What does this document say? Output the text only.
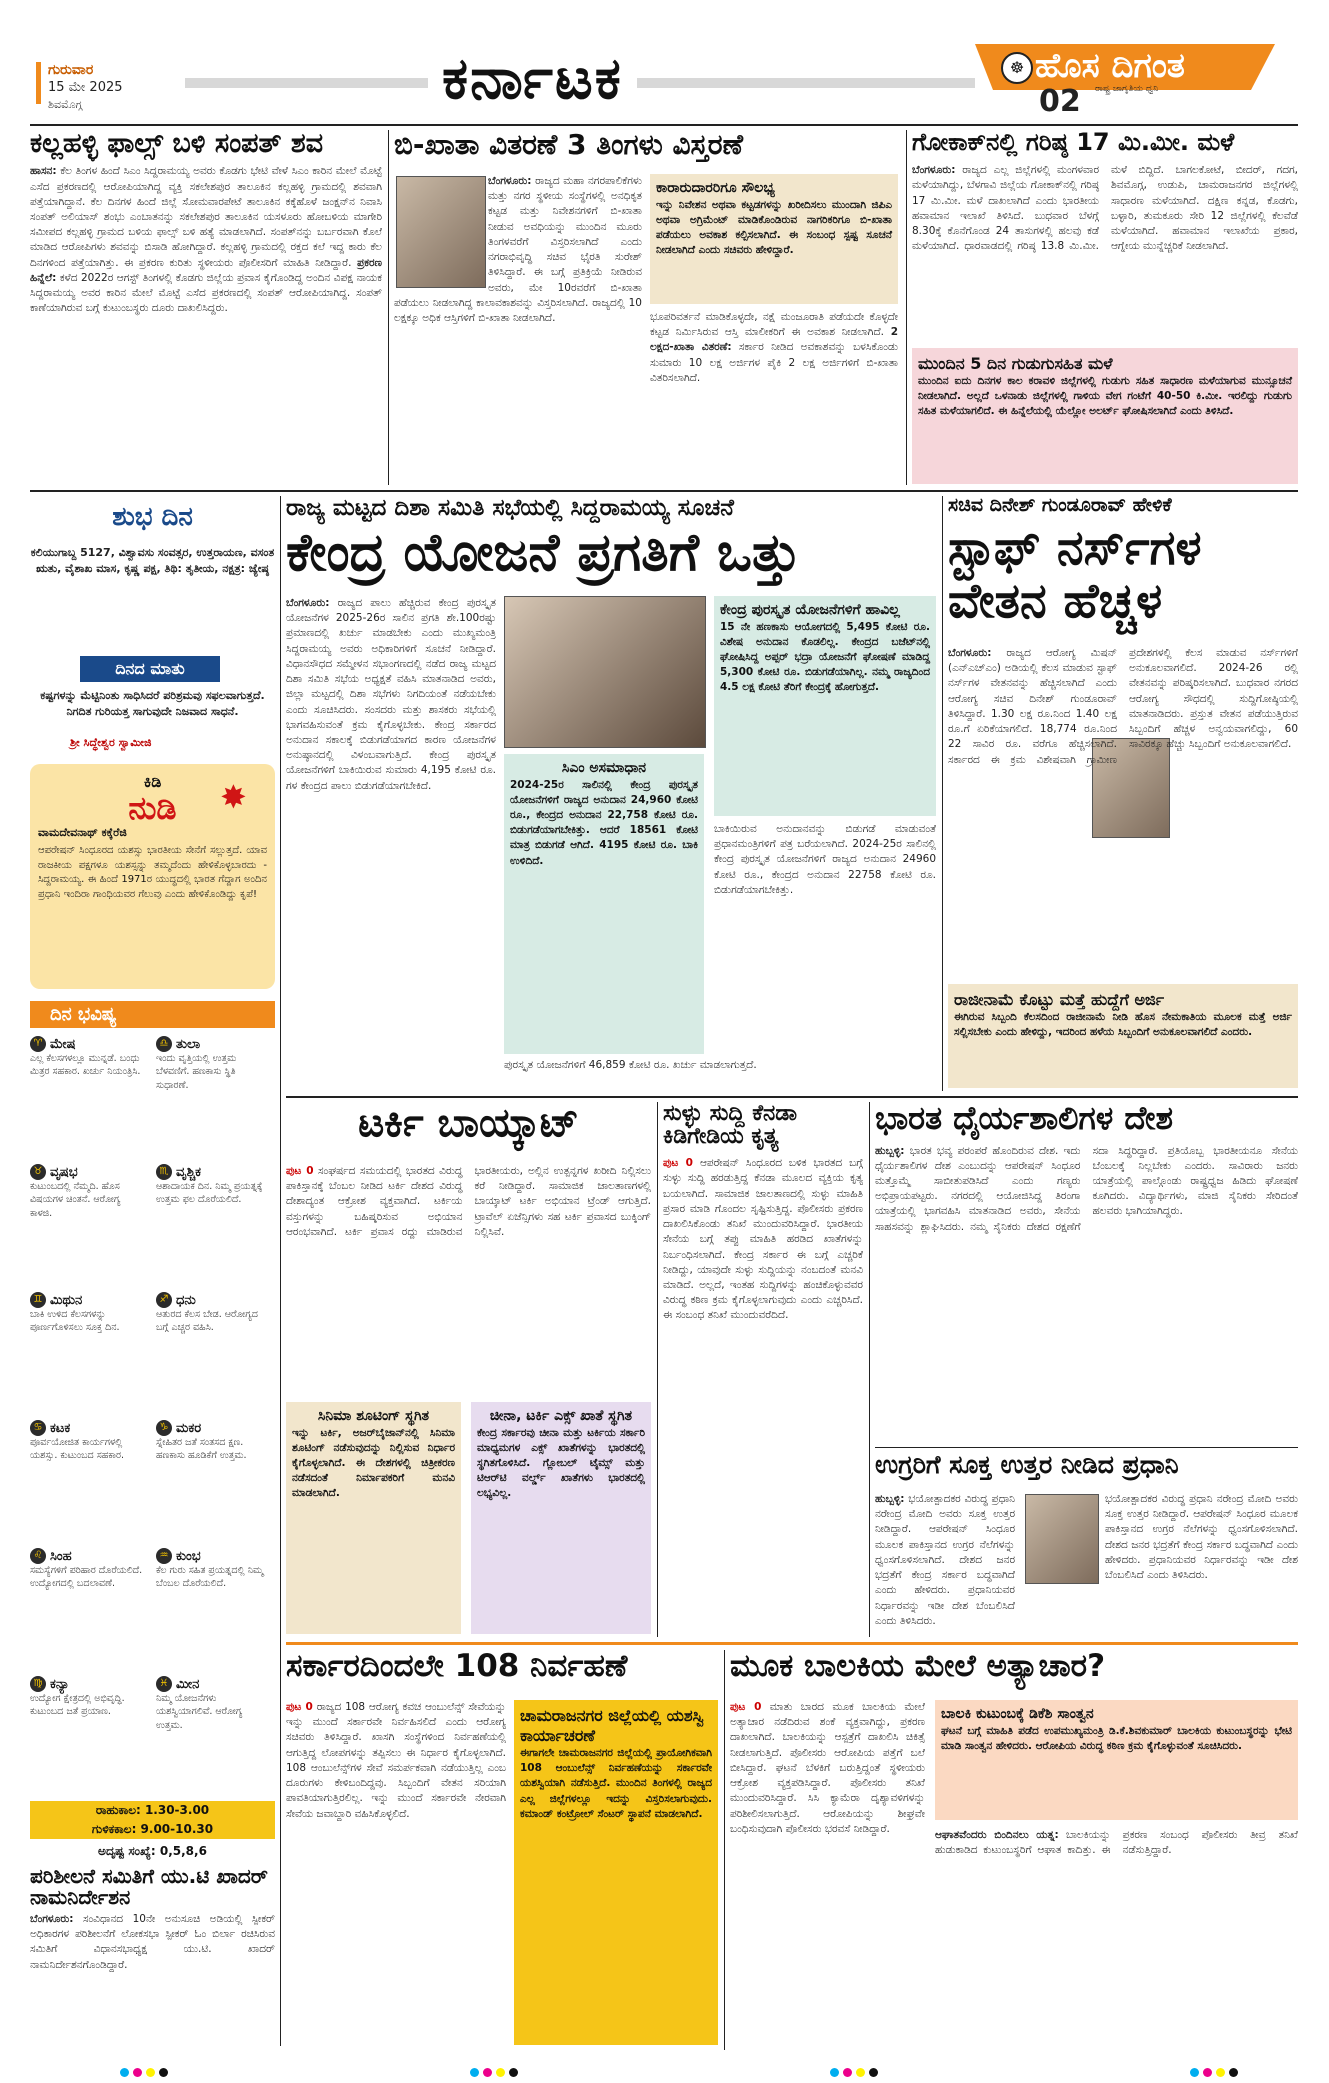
ಗುರುವಾರ
15 ಮೇ 2025
ಶಿವಮೊಗ್ಗ	ಕರ್ನಾಟಕ	☸ ಹೊಸ ದಿಗಂತ
ರಾಷ್ಟ್ರ ಜಾಗೃತಿಯ ಧ್ವನಿ
02
ಕಲ್ಲಹಳ್ಳಿ ಫಾಲ್ಸ್ ಬಳಿ ಸಂಪತ್ ಶವ
ಹಾಸನ: ಕೆಲ ತಿಂಗಳ ಹಿಂದೆ ಸಿಎಂ ಸಿದ್ದರಾಮಯ್ಯ ಅವರು ಕೊಡಗು ಭೇಟಿ ವೇಳೆ ಸಿಎಂ ಕಾರಿನ ಮೇಲೆ ಮೊಟ್ಟೆ ಎಸೆದ ಪ್ರಕರಣದಲ್ಲಿ ಆರೋಪಿಯಾಗಿದ್ದ ವ್ಯಕ್ತಿ ಸಕಲೇಶಪುರ ತಾಲೂಕಿನ ಕಲ್ಲಹಳ್ಳಿ ಗ್ರಾಮದಲ್ಲಿ ಶವವಾಗಿ ಪತ್ತೆಯಾಗಿದ್ದಾನೆ. ಕೆಲ ದಿನಗಳ ಹಿಂದೆ ಜಿಲ್ಲೆ ಸೋಮವಾರಪೇಟೆ ತಾಲೂಕಿನ ಕಕ್ಕೆಹೊಳೆ ಜಂಕ್ಷನ್‌ನ ನಿವಾಸಿ ಸಂಪತ್ ಅಲಿಯಾಸ್ ಶಂಭು ಎಂಬಾತನನ್ನು ಸಕಲೇಶಪುರ ತಾಲೂಕಿನ ಯಸಳೂರು ಹೋಬಳಿಯ ಮಾಗೇರಿ ಸಮೀಪದ ಕಲ್ಲಹಳ್ಳಿ ಗ್ರಾಮದ ಬಳಿಯ ಫಾಲ್ಸ್ ಬಳಿ ಹತ್ಯೆ ಮಾಡಲಾಗಿದೆ. ಸಂಪತ್‌ನನ್ನು ಬರ್ಬರವಾಗಿ ಕೊಲೆ ಮಾಡಿದ ಆರೋಪಿಗಳು ಶವವನ್ನು ಬಿಸಾಡಿ ಹೋಗಿದ್ದಾರೆ. ಕಲ್ಲಹಳ್ಳಿ ಗ್ರಾಮದಲ್ಲಿ ರಕ್ತದ ಕಲೆ ಇದ್ದ ಕಾರು ಕೆಲ ದಿನಗಳಿಂದ ಪತ್ತೆಯಾಗಿತ್ತು. ಈ ಪ್ರಕರಣ ಕುರಿತು ಸ್ಥಳೀಯರು ಪೊಲೀಸರಿಗೆ ಮಾಹಿತಿ ನೀಡಿದ್ದಾರೆ. ಪ್ರಕರಣ ಹಿನ್ನೆಲೆ: ಕಳೆದ 2022ರ ಆಗಸ್ಟ್ ತಿಂಗಳಲ್ಲಿ ಕೊಡಗು ಜಿಲ್ಲೆಯ ಪ್ರವಾಸ ಕೈಗೊಂಡಿದ್ದ ಅಂದಿನ ವಿಪಕ್ಷ ನಾಯಕ ಸಿದ್ದರಾಮಯ್ಯ ಅವರ ಕಾರಿನ ಮೇಲೆ ಮೊಟ್ಟೆ ಎಸೆದ ಪ್ರಕರಣದಲ್ಲಿ ಸಂಪತ್ ಆರೋಪಿಯಾಗಿದ್ದ. ಸಂಪತ್ ಕಾಣೆಯಾಗಿರುವ ಬಗ್ಗೆ ಕುಟುಂಬಸ್ಥರು ದೂರು ದಾಖಲಿಸಿದ್ದರು.
ಬಿ-ಖಾತಾ ವಿತರಣೆ 3 ತಿಂಗಳು ವಿಸ್ತರಣೆ
ಬೆಂಗಳೂರು: ರಾಜ್ಯದ ಮಹಾ ನಗರಪಾಲಿಕೆಗಳು ಮತ್ತು ನಗರ ಸ್ಥಳೀಯ ಸಂಸ್ಥೆಗಳಲ್ಲಿ ಅನಧಿಕೃತ ಕಟ್ಟಡ ಮತ್ತು ನಿವೇಶನಗಳಿಗೆ ಬಿ-ಖಾತಾ ನೀಡುವ ಅವಧಿಯನ್ನು ಮುಂದಿನ ಮೂರು ತಿಂಗಳವರೆಗೆ ವಿಸ್ತರಿಸಲಾಗಿದೆ ಎಂದು ನಗರಾಭಿವೃದ್ಧಿ ಸಚಿವ ಭೈರತಿ ಸುರೇಶ್ ತಿಳಿಸಿದ್ದಾರೆ. ಈ ಬಗ್ಗೆ ಪ್ರತಿಕ್ರಿಯೆ ನೀಡಿರುವ ಅವರು, ಮೇ 10ರವರೆಗೆ ಬಿ-ಖಾತಾ ಪಡೆಯಲು ನೀಡಲಾಗಿದ್ದ ಕಾಲಾವಕಾಶವನ್ನು ವಿಸ್ತರಿಸಲಾಗಿದೆ. ರಾಜ್ಯದಲ್ಲಿ 10 ಲಕ್ಷಕ್ಕೂ ಅಧಿಕ ಆಸ್ತಿಗಳಿಗೆ ಬಿ-ಖಾತಾ ನೀಡಲಾಗಿದೆ.
ಕಾರಾರುದಾರರಿಗೂ ಸೌಲಭ್ಯ
ಇನ್ನು ನಿವೇಶನ ಅಥವಾ ಕಟ್ಟಡಗಳನ್ನು ಖರೀದಿಸಲು ಮುಂದಾಗಿ ಜಿಪಿಎ ಅಥವಾ ಅಗ್ರಿಮೆಂಟ್ ಮಾಡಿಕೊಂಡಿರುವ ನಾಗರಿಕರಿಗೂ ಬಿ-ಖಾತಾ ಪಡೆಯಲು ಅವಕಾಶ ಕಲ್ಪಿಸಲಾಗಿದೆ. ಈ ಸಂಬಂಧ ಸ್ಪಷ್ಟ ಸೂಚನೆ ನೀಡಲಾಗಿದೆ ಎಂದು ಸಚಿವರು ಹೇಳಿದ್ದಾರೆ.
ಭೂಪರಿವರ್ತನೆ ಮಾಡಿಕೊಳ್ಳದೇ, ನಕ್ಷೆ ಮಂಜೂರಾತಿ ಪಡೆಯದೇ ಕೊಳ್ಳದೇ ಕಟ್ಟಡ ನಿರ್ಮಿಸಿರುವ ಆಸ್ತಿ ಮಾಲೀಕರಿಗೆ ಈ ಅವಕಾಶ ನೀಡಲಾಗಿದೆ. 2 ಲಕ್ಷದ-ಖಾತಾ ವಿತರಣೆ: ಸರ್ಕಾರ ನೀಡಿದ ಅವಕಾಶವನ್ನು ಬಳಸಿಕೊಂಡು ಸುಮಾರು 10 ಲಕ್ಷ ಅರ್ಜಿಗಳ ಪೈಕಿ 2 ಲಕ್ಷ ಅರ್ಜಿಗಳಿಗೆ ಬಿ-ಖಾತಾ ವಿತರಿಸಲಾಗಿದೆ.
ಗೋಕಾಕ್‌ನಲ್ಲಿ ಗರಿಷ್ಠ 17 ಮಿ.ಮೀ. ಮಳೆ
ಬೆಂಗಳೂರು: ರಾಜ್ಯದ ಎಲ್ಲ ಜಿಲ್ಲೆಗಳಲ್ಲಿ ಮಂಗಳವಾರ ಮಳೆಯಾಗಿದ್ದು, ಬೆಳಗಾವಿ ಜಿಲ್ಲೆಯ ಗೋಕಾಕ್‌ನಲ್ಲಿ ಗರಿಷ್ಠ 17 ಮಿ.ಮೀ. ಮಳೆ ದಾಖಲಾಗಿದೆ ಎಂದು ಭಾರತೀಯ ಹವಾಮಾನ ಇಲಾಖೆ ತಿಳಿಸಿದೆ. ಬುಧವಾರ ಬೆಳಗ್ಗೆ 8.30ಕ್ಕೆ ಕೊನೆಗೊಂಡ 24 ತಾಸುಗಳಲ್ಲಿ ಹಲವು ಕಡೆ ಮಳೆಯಾಗಿದೆ. ಧಾರವಾಡದಲ್ಲಿ ಗರಿಷ್ಠ 13.8 ಮಿ.ಮೀ. ಮಳೆ ಬಿದ್ದಿದೆ. ಬಾಗಲಕೋಟೆ, ಬೀದರ್, ಗದಗ, ಶಿವಮೊಗ್ಗ, ಉಡುಪಿ, ಚಾಮರಾಜನಗರ ಜಿಲ್ಲೆಗಳಲ್ಲಿ ಸಾಧಾರಣ ಮಳೆಯಾಗಿದೆ. ದಕ್ಷಿಣ ಕನ್ನಡ, ಕೊಡಗು, ಬಳ್ಳಾರಿ, ತುಮಕೂರು ಸೇರಿ 12 ಜಿಲ್ಲೆಗಳಲ್ಲಿ ಕೆಲವೆಡೆ ಮಳೆಯಾಗಿದೆ. ಹವಾಮಾನ ಇಲಾಖೆಯ ಪ್ರಕಾರ, ಆಗ್ನೇಯ ಮುನ್ನೆಚ್ಚರಿಕೆ ನೀಡಲಾಗಿದೆ.
ಮುಂದಿನ 5 ದಿನ ಗುಡುಗುಸಹಿತ ಮಳೆ
ಮುಂದಿನ ಐದು ದಿನಗಳ ಕಾಲ ಕರಾವಳಿ ಜಿಲ್ಲೆಗಳಲ್ಲಿ ಗುಡುಗು ಸಹಿತ ಸಾಧಾರಣ ಮಳೆಯಾಗುವ ಮುನ್ಸೂಚನೆ ನೀಡಲಾಗಿದೆ. ಅಲ್ಲದೆ ಒಳನಾಡು ಜಿಲ್ಲೆಗಳಲ್ಲಿ ಗಾಳಿಯ ವೇಗ ಗಂಟೆಗೆ 40-50 ಕಿ.ಮೀ. ಇರಲಿದ್ದು ಗುಡುಗು ಸಹಿತ ಮಳೆಯಾಗಲಿದೆ. ಈ ಹಿನ್ನೆಲೆಯಲ್ಲಿ ಯೆಲ್ಲೋ ಅಲರ್ಟ್ ಘೋಷಿಸಲಾಗಿದೆ ಎಂದು ತಿಳಿಸಿದೆ.
ಶುಭ ದಿನ
ಕಲಿಯುಗಾಬ್ದ 5127, ವಿಶ್ವಾವಸು ಸಂವತ್ಸರ, ಉತ್ತರಾಯಣ, ವಸಂತ ಋತು, ವೈಶಾಖ ಮಾಸ, ಕೃಷ್ಣ ಪಕ್ಷ, ತಿಥಿ: ತೃತೀಯ, ನಕ್ಷತ್ರ: ಜ್ಯೇಷ್ಠ
ದಿನದ ಮಾತು
ಕಷ್ಟಗಳನ್ನು ಮೆಟ್ಟಿನಿಂತು ಸಾಧಿಸಿದರೆ ಪರಿಶ್ರಮವು ಸಫಲವಾಗುತ್ತದೆ. ನಿಗದಿತ ಗುರಿಯತ್ತ ಸಾಗುವುದೇ ನಿಜವಾದ ಸಾಧನೆ.
ಶ್ರೀ ಸಿದ್ಧೇಶ್ವರ ಸ್ವಾಮೀಜಿ
ಕಿಡಿ
ನುಡಿ	✸
ವಾಮದೇವನಾಥ್ ಕಕ್ಕೆರೆಜಿ
ಆಪರೇಷನ್ ಸಿಂಧೂರದ ಯಶಸ್ಸು ಭಾರತೀಯ ಸೇನೆಗೆ ಸಲ್ಲುತ್ತದೆ. ಯಾವ ರಾಜಕೀಯ ಪಕ್ಷಗಳೂ ಯಶಸ್ಸನ್ನು ತಮ್ಮದೆಂದು ಹೇಳಿಕೊಳ್ಳಬಾರದು - ಸಿದ್ದರಾಮಯ್ಯ. ಈ ಹಿಂದೆ 1971ರ ಯುದ್ಧದಲ್ಲಿ ಭಾರತ ಗೆದ್ದಾಗ ಅಂದಿನ ಪ್ರಧಾನಿ ಇಂದಿರಾ ಗಾಂಧಿಯವರ ಗೆಲುವು ಎಂದು ಹೇಳಿಕೊಂಡಿದ್ದು ಕೃಪೆ!
ದಿನ ಭವಿಷ್ಯ
♈ ಮೇಷ
ಎಲ್ಲ ಕೆಲಸಗಳಲ್ಲೂ ಮುನ್ನಡೆ. ಬಂಧು ಮಿತ್ರರ ಸಹಕಾರ. ಖರ್ಚು ನಿಯಂತ್ರಿಸಿ.
♎ ತುಲಾ
ಇಂದು ವೃತ್ತಿಯಲ್ಲಿ ಉತ್ತಮ ಬೆಳವಣಿಗೆ. ಹಣಕಾಸು ಸ್ಥಿತಿ ಸುಧಾರಣೆ.
♉ ವೃಷಭ
ಕುಟುಂಬದಲ್ಲಿ ನೆಮ್ಮದಿ. ಹೊಸ ವಿಷಯಗಳ ಚಿಂತನೆ. ಆರೋಗ್ಯ ಕಾಳಜಿ.
♏ ವೃಶ್ಚಿಕ
ಆಶಾದಾಯಕ ದಿನ. ನಿಮ್ಮ ಪ್ರಯತ್ನಕ್ಕೆ ಉತ್ತಮ ಫಲ ದೊರೆಯಲಿದೆ.
♊ ಮಿಥುನ
ಬಾಕಿ ಉಳಿದ ಕೆಲಸಗಳನ್ನು ಪೂರ್ಣಗೊಳಿಸಲು ಸೂಕ್ತ ದಿನ.
♐ ಧನು
ಆತುರದ ಕೆಲಸ ಬೇಡ. ಆರೋಗ್ಯದ ಬಗ್ಗೆ ಎಚ್ಚರ ವಹಿಸಿ.
♋ ಕಟಕ
ಪೂರ್ವಯೋಜಿತ ಕಾರ್ಯಗಳಲ್ಲಿ ಯಶಸ್ಸು. ಕುಟುಂಬದ ಸಹಕಾರ.
♑ ಮಕರ
ಸ್ನೇಹಿತರ ಜತೆ ಸಂತಸದ ಕ್ಷಣ. ಹಣಕಾಸು ಹೂಡಿಕೆಗೆ ಉತ್ತಮ.
♌ ಸಿಂಹ
ಸಮಸ್ಯೆಗಳಿಗೆ ಪರಿಹಾರ ದೊರೆಯಲಿದೆ. ಉದ್ಯೋಗದಲ್ಲಿ ಬದಲಾವಣೆ.
♒ ಕುಂಭ
ಕೆಲ ಗುರು ಸಹಿತ ಪ್ರಯತ್ನದಲ್ಲಿ ನಿಮ್ಮ ಬೆಂಬಲ ದೊರೆಯಲಿದೆ.
♍ ಕನ್ಯಾ
ಉದ್ಯೋಗ ಕ್ಷೇತ್ರದಲ್ಲಿ ಅಭಿವೃದ್ಧಿ. ಕುಟುಂಬದ ಜತೆ ಪ್ರಯಾಣ.
♓ ಮೀನ
ನಿಮ್ಮ ಯೋಜನೆಗಳು ಯಶಸ್ವಿಯಾಗಲಿವೆ. ಆರೋಗ್ಯ ಉತ್ತಮ.
ರಾಹುಕಾಲ: 1.30-3.00
ಗುಳಿಕಕಾಲ: 9.00-10.30
ಅದೃಷ್ಟ ಸಂಖ್ಯೆ: 0,5,8,6
ಪರಿಶೀಲನೆ ಸಮಿತಿಗೆ ಯು.ಟಿ ಖಾದರ್ ನಾಮನಿರ್ದೇಶನ
ಬೆಂಗಳೂರು: ಸಂವಿಧಾನದ 10ನೇ ಅನುಸೂಚಿ ಅಡಿಯಲ್ಲಿ ಸ್ಪೀಕರ್ ಅಧಿಕಾರಗಳ ಪರಿಶೀಲನೆಗೆ ಲೋಕಸಭಾ ಸ್ಪೀಕರ್ ಓಂ ಬಿರ್ಲಾ ರಚಿಸಿರುವ ಸಮಿತಿಗೆ ವಿಧಾನಸಭಾಧ್ಯಕ್ಷ ಯು.ಟಿ. ಖಾದರ್ ನಾಮನಿರ್ದೇಶನಗೊಂಡಿದ್ದಾರೆ.
ರಾಜ್ಯ ಮಟ್ಟದ ದಿಶಾ ಸಮಿತಿ ಸಭೆಯಲ್ಲಿ ಸಿದ್ದರಾಮಯ್ಯ ಸೂಚನೆ
ಕೇಂದ್ರ ಯೋಜನೆ ಪ್ರಗತಿಗೆ ಒತ್ತು
ಬೆಂಗಳೂರು: ರಾಜ್ಯದ ಪಾಲು ಹೆಚ್ಚಿರುವ ಕೇಂದ್ರ ಪುರಸ್ಕೃತ ಯೋಜನೆಗಳ 2025-26ರ ಸಾಲಿನ ಪ್ರಗತಿ ಶೇ.100ರಷ್ಟು ಪ್ರಮಾಣದಲ್ಲಿ ಖರ್ಚು ಮಾಡಬೇಕು ಎಂದು ಮುಖ್ಯಮಂತ್ರಿ ಸಿದ್ದರಾಮಯ್ಯ ಅವರು ಅಧಿಕಾರಿಗಳಿಗೆ ಸೂಚನೆ ನೀಡಿದ್ದಾರೆ. ವಿಧಾನಸೌಧದ ಸಮ್ಮೇಳನ ಸಭಾಂಗಣದಲ್ಲಿ ನಡೆದ ರಾಜ್ಯ ಮಟ್ಟದ ದಿಶಾ ಸಮಿತಿ ಸಭೆಯ ಅಧ್ಯಕ್ಷತೆ ವಹಿಸಿ ಮಾತನಾಡಿದ ಅವರು, ಜಿಲ್ಲಾ ಮಟ್ಟದಲ್ಲಿ ದಿಶಾ ಸಭೆಗಳು ನಿಗದಿಯಂತೆ ನಡೆಯಬೇಕು ಎಂದು ಸೂಚಿಸಿದರು. ಸಂಸದರು ಮತ್ತು ಶಾಸಕರು ಸಭೆಯಲ್ಲಿ ಭಾಗವಹಿಸುವಂತೆ ಕ್ರಮ ಕೈಗೊಳ್ಳಬೇಕು. ಕೇಂದ್ರ ಸರ್ಕಾರದ ಅನುದಾನ ಸಕಾಲಕ್ಕೆ ಬಿಡುಗಡೆಯಾಗದ ಕಾರಣ ಯೋಜನೆಗಳ ಅನುಷ್ಠಾನದಲ್ಲಿ ವಿಳಂಬವಾಗುತ್ತಿದೆ. ಕೇಂದ್ರ ಪುರಸ್ಕೃತ ಯೋಜನೆಗಳಿಗೆ ಬಾಕಿಯಿರುವ ಸುಮಾರು 4,195 ಕೋಟಿ ರೂ. ಗಳ ಕೇಂದ್ರದ ಪಾಲು ಬಿಡುಗಡೆಯಾಗಬೇಕಿದೆ.
ಕೇಂದ್ರ ಪುರಸ್ಕೃತ ಯೋಜನೆಗಳಿಗೆ ಹಾವಿಲ್ಲ
15 ನೇ ಹಣಕಾಸು ಆಯೋಗದಲ್ಲಿ 5,495 ಕೋಟಿ ರೂ. ವಿಶೇಷ ಅನುದಾನ ಕೊಡಲಿಲ್ಲ. ಕೇಂದ್ರದ ಬಜೆಟ್‌ನಲ್ಲಿ ಘೋಷಿಸಿದ್ದ ಅಪ್ಪರ್ ಭದ್ರಾ ಯೋಜನೆಗೆ ಘೋಷಣೆ ಮಾಡಿದ್ದ 5,300 ಕೋಟಿ ರೂ. ಬಿಡುಗಡೆಯಾಗಿಲ್ಲ. ನಮ್ಮ ರಾಜ್ಯದಿಂದ 4.5 ಲಕ್ಷ ಕೋಟಿ ತೆರಿಗೆ ಕೇಂದ್ರಕ್ಕೆ ಹೋಗುತ್ತದೆ.
ಸಿಎಂ ಅಸಮಾಧಾನ
2024-25ರ ಸಾಲಿನಲ್ಲಿ ಕೇಂದ್ರ ಪುರಸ್ಕೃತ ಯೋಜನೆಗಳಿಗೆ ರಾಜ್ಯದ ಅನುದಾನ 24,960 ಕೋಟಿ ರೂ., ಕೇಂದ್ರದ ಅನುದಾನ 22,758 ಕೋಟಿ ರೂ. ಬಿಡುಗಡೆಯಾಗಬೇಕಿತ್ತು. ಆದರೆ 18561 ಕೋಟಿ ಮಾತ್ರ ಬಿಡುಗಡೆ ಆಗಿದೆ. 4195 ಕೋಟಿ ರೂ. ಬಾಕಿ ಉಳಿದಿದೆ.
ಬಾಕಿಯಿರುವ ಅನುದಾನವನ್ನು ಬಿಡುಗಡೆ ಮಾಡುವಂತೆ ಪ್ರಧಾನಮಂತ್ರಿಗಳಿಗೆ ಪತ್ರ ಬರೆಯಲಾಗಿದೆ. 2024-25ರ ಸಾಲಿನಲ್ಲಿ ಕೇಂದ್ರ ಪುರಸ್ಕೃತ ಯೋಜನೆಗಳಿಗೆ ರಾಜ್ಯದ ಅನುದಾನ 24960 ಕೋಟಿ ರೂ., ಕೇಂದ್ರದ ಅನುದಾನ 22758 ಕೋಟಿ ರೂ. ಬಿಡುಗಡೆಯಾಗಬೇಕಿತ್ತು.
ಪುರಸ್ಕೃತ ಯೋಜನೆಗಳಿಗೆ 46,859 ಕೋಟಿ ರೂ. ಖರ್ಚು ಮಾಡಲಾಗುತ್ತದೆ.
ಸಚಿವ ದಿನೇಶ್ ಗುಂಡೂರಾವ್ ಹೇಳಿಕೆ
ಸ್ಟಾಫ್ ನರ್ಸ್‌ಗಳ ವೇತನ ಹೆಚ್ಚಳ
ಬೆಂಗಳೂರು: ರಾಜ್ಯದ ಆರೋಗ್ಯ ಮಿಷನ್ (ಎನ್‌ಎಚ್‌ಎಂ) ಅಡಿಯಲ್ಲಿ ಕೆಲಸ ಮಾಡುವ ಸ್ಟಾಫ್ ನರ್ಸ್‌ಗಳ ವೇತನವನ್ನು ಹೆಚ್ಚಿಸಲಾಗಿದೆ ಎಂದು ಆರೋಗ್ಯ ಸಚಿವ ದಿನೇಶ್ ಗುಂಡೂರಾವ್ ತಿಳಿಸಿದ್ದಾರೆ. 1.30 ಲಕ್ಷ ರೂ.ನಿಂದ 1.40 ಲಕ್ಷ ರೂ.ಗೆ ಏರಿಕೆಯಾಗಲಿದೆ. 18,774 ರೂ.ನಿಂದ 22 ಸಾವಿರ ರೂ. ವರೆಗೂ ಹೆಚ್ಚಿಸಲಾಗಿದೆ. ಸರ್ಕಾರದ ಈ ಕ್ರಮ ವಿಶೇಷವಾಗಿ ಗ್ರಾಮೀಣ ಪ್ರದೇಶಗಳಲ್ಲಿ ಕೆಲಸ ಮಾಡುವ ನರ್ಸ್‌ಗಳಿಗೆ ಅನುಕೂಲವಾಗಲಿದೆ. 2024-26 ರಲ್ಲಿ ವೇತನವನ್ನು ಪರಿಷ್ಕರಿಸಲಾಗಿದೆ. ಬುಧವಾರ ನಗರದ ಆರೋಗ್ಯ ಸೌಧದಲ್ಲಿ ಸುದ್ದಿಗೋಷ್ಠಿಯಲ್ಲಿ ಮಾತನಾಡಿದರು. ಪ್ರಸ್ತುತ ವೇತನ ಪಡೆಯುತ್ತಿರುವ ಸಿಬ್ಬಂದಿಗೆ ಹೆಚ್ಚಳ ಅನ್ವಯವಾಗಲಿದ್ದು, 60 ಸಾವಿರಕ್ಕೂ ಹೆಚ್ಚು ಸಿಬ್ಬಂದಿಗೆ ಅನುಕೂಲವಾಗಲಿದೆ.
ರಾಜೀನಾಮೆ ಕೊಟ್ಟು ಮತ್ತೆ ಹುದ್ದೆಗೆ ಅರ್ಜಿ
ಈಗಿರುವ ಸಿಬ್ಬಂದಿ ಕೆಲಸದಿಂದ ರಾಜೀನಾಮೆ ನೀಡಿ ಹೊಸ ನೇಮಕಾತಿಯ ಮೂಲಕ ಮತ್ತೆ ಅರ್ಜಿ ಸಲ್ಲಿಸಬೇಕು ಎಂದು ಹೇಳಿದ್ದು, ಇದರಿಂದ ಹಳೆಯ ಸಿಬ್ಬಂದಿಗೆ ಅನುಕೂಲವಾಗಲಿದೆ ಎಂದರು.
ಟರ್ಕಿ ಬಾಯ್ಕಾಟ್
ಪುಟ 0 ಸಂಘರ್ಷದ ಸಮಯದಲ್ಲಿ ಭಾರತದ ವಿರುದ್ಧ ಪಾಕಿಸ್ತಾನಕ್ಕೆ ಬೆಂಬಲ ನೀಡಿದ ಟರ್ಕಿ ದೇಶದ ವಿರುದ್ಧ ದೇಶಾದ್ಯಂತ ಆಕ್ರೋಶ ವ್ಯಕ್ತವಾಗಿದೆ. ಟರ್ಕಿಯ ವಸ್ತುಗಳನ್ನು ಬಹಿಷ್ಕರಿಸುವ ಅಭಿಯಾನ ಆರಂಭವಾಗಿದೆ. ಟರ್ಕಿ ಪ್ರವಾಸ ರದ್ದು ಮಾಡಿರುವ ಭಾರತೀಯರು, ಅಲ್ಲಿನ ಉತ್ಪನ್ನಗಳ ಖರೀದಿ ನಿಲ್ಲಿಸಲು ಕರೆ ನೀಡಿದ್ದಾರೆ. ಸಾಮಾಜಿಕ ಜಾಲತಾಣಗಳಲ್ಲಿ ಬಾಯ್ಕಾಟ್ ಟರ್ಕಿ ಅಭಿಯಾನ ಟ್ರೆಂಡ್ ಆಗುತ್ತಿದೆ. ಟ್ರಾವೆಲ್ ಏಜೆನ್ಸಿಗಳು ಸಹ ಟರ್ಕಿ ಪ್ರವಾಸದ ಬುಕ್ಕಿಂಗ್ ನಿಲ್ಲಿಸಿವೆ.
ಸಿನಿಮಾ ಶೂಟಿಂಗ್ ಸ್ಥಗಿತ
ಇನ್ನು ಟರ್ಕಿ, ಅಜರ್‌ಬೈಜಾನ್‌ನಲ್ಲಿ ಸಿನಿಮಾ ಶೂಟಿಂಗ್ ನಡೆಸುವುದನ್ನು ನಿಲ್ಲಿಸುವ ನಿರ್ಧಾರ ಕೈಗೊಳ್ಳಲಾಗಿದೆ. ಈ ದೇಶಗಳಲ್ಲಿ ಚಿತ್ರೀಕರಣ ನಡೆಸದಂತೆ ನಿರ್ಮಾಪಕರಿಗೆ ಮನವಿ ಮಾಡಲಾಗಿದೆ.
ಚೀನಾ, ಟರ್ಕಿ ಎಕ್ಸ್ ಖಾತೆ ಸ್ಥಗಿತ
ಕೇಂದ್ರ ಸರ್ಕಾರವು ಚೀನಾ ಮತ್ತು ಟರ್ಕಿಯ ಸರ್ಕಾರಿ ಮಾಧ್ಯಮಗಳ ಎಕ್ಸ್ ಖಾತೆಗಳನ್ನು ಭಾರತದಲ್ಲಿ ಸ್ಥಗಿತಗೊಳಿಸಿದೆ. ಗ್ಲೋಬಲ್ ಟೈಮ್ಸ್ ಮತ್ತು ಟಿಆರ್‌ಟಿ ವರ್ಲ್ಡ್ ಖಾತೆಗಳು ಭಾರತದಲ್ಲಿ ಲಭ್ಯವಿಲ್ಲ.
ಸುಳ್ಳು ಸುದ್ದಿ ಕೆನಡಾ ಕಿಡಿಗೇಡಿಯ ಕೃತ್ಯ
ಪುಟ 0 ಆಪರೇಷನ್ ಸಿಂಧೂರದ ಬಳಿಕ ಭಾರತದ ಬಗ್ಗೆ ಸುಳ್ಳು ಸುದ್ದಿ ಹರಡುತ್ತಿದ್ದ ಕೆನಡಾ ಮೂಲದ ವ್ಯಕ್ತಿಯ ಕೃತ್ಯ ಬಯಲಾಗಿದೆ. ಸಾಮಾಜಿಕ ಜಾಲತಾಣದಲ್ಲಿ ಸುಳ್ಳು ಮಾಹಿತಿ ಪ್ರಸಾರ ಮಾಡಿ ಗೊಂದಲ ಸೃಷ್ಟಿಸುತ್ತಿದ್ದ. ಪೊಲೀಸರು ಪ್ರಕರಣ ದಾಖಲಿಸಿಕೊಂಡು ತನಿಖೆ ಮುಂದುವರಿಸಿದ್ದಾರೆ. ಭಾರತೀಯ ಸೇನೆಯ ಬಗ್ಗೆ ತಪ್ಪು ಮಾಹಿತಿ ಹರಡಿದ ಖಾತೆಗಳನ್ನು ನಿರ್ಬಂಧಿಸಲಾಗಿದೆ. ಕೇಂದ್ರ ಸರ್ಕಾರ ಈ ಬಗ್ಗೆ ಎಚ್ಚರಿಕೆ ನೀಡಿದ್ದು, ಯಾವುದೇ ಸುಳ್ಳು ಸುದ್ದಿಯನ್ನು ನಂಬದಂತೆ ಮನವಿ ಮಾಡಿದೆ. ಅಲ್ಲದೆ, ಇಂತಹ ಸುದ್ದಿಗಳನ್ನು ಹಂಚಿಕೊಳ್ಳುವವರ ವಿರುದ್ಧ ಕಠಿಣ ಕ್ರಮ ಕೈಗೊಳ್ಳಲಾಗುವುದು ಎಂದು ಎಚ್ಚರಿಸಿದೆ. ಈ ಸಂಬಂಧ ತನಿಖೆ ಮುಂದುವರೆದಿದೆ.
ಭಾರತ ಧೈರ್ಯಶಾಲಿಗಳ ದೇಶ
ಹುಬ್ಬಳ್ಳಿ: ಭಾರತ ಭವ್ಯ ಪರಂಪರೆ ಹೊಂದಿರುವ ದೇಶ. ಇದು ಧೈರ್ಯಶಾಲಿಗಳ ದೇಶ ಎಂಬುದನ್ನು ಆಪರೇಷನ್ ಸಿಂಧೂರ ಮತ್ತೊಮ್ಮೆ ಸಾಬೀತುಪಡಿಸಿದೆ ಎಂದು ಗಣ್ಯರು ಅಭಿಪ್ರಾಯಪಟ್ಟರು. ನಗರದಲ್ಲಿ ಆಯೋಜಿಸಿದ್ದ ತಿರಂಗಾ ಯಾತ್ರೆಯಲ್ಲಿ ಭಾಗವಹಿಸಿ ಮಾತನಾಡಿದ ಅವರು, ಸೇನೆಯ ಸಾಹಸವನ್ನು ಶ್ಲಾಘಿಸಿದರು. ನಮ್ಮ ಸೈನಿಕರು ದೇಶದ ರಕ್ಷಣೆಗೆ ಸದಾ ಸಿದ್ಧರಿದ್ದಾರೆ. ಪ್ರತಿಯೊಬ್ಬ ಭಾರತೀಯನೂ ಸೇನೆಯ ಬೆಂಬಲಕ್ಕೆ ನಿಲ್ಲಬೇಕು ಎಂದರು. ಸಾವಿರಾರು ಜನರು ಯಾತ್ರೆಯಲ್ಲಿ ಪಾಲ್ಗೊಂಡು ರಾಷ್ಟ್ರಧ್ವಜ ಹಿಡಿದು ಘೋಷಣೆ ಕೂಗಿದರು. ವಿದ್ಯಾರ್ಥಿಗಳು, ಮಾಜಿ ಸೈನಿಕರು ಸೇರಿದಂತೆ ಹಲವರು ಭಾಗಿಯಾಗಿದ್ದರು.
ಉಗ್ರರಿಗೆ ಸೂಕ್ತ ಉತ್ತರ ನೀಡಿದ ಪ್ರಧಾನಿ
ಹುಬ್ಬಳ್ಳಿ: ಭಯೋತ್ಪಾದಕರ ವಿರುದ್ಧ ಪ್ರಧಾನಿ ನರೇಂದ್ರ ಮೋದಿ ಅವರು ಸೂಕ್ತ ಉತ್ತರ ನೀಡಿದ್ದಾರೆ. ಆಪರೇಷನ್ ಸಿಂಧೂರ ಮೂಲಕ ಪಾಕಿಸ್ತಾನದ ಉಗ್ರರ ನೆಲೆಗಳನ್ನು ಧ್ವಂಸಗೊಳಿಸಲಾಗಿದೆ. ದೇಶದ ಜನರ ಭದ್ರತೆಗೆ ಕೇಂದ್ರ ಸರ್ಕಾರ ಬದ್ಧವಾಗಿದೆ ಎಂದು ಹೇಳಿದರು. ಪ್ರಧಾನಿಯವರ ನಿರ್ಧಾರವನ್ನು ಇಡೀ ದೇಶ ಬೆಂಬಲಿಸಿದೆ ಎಂದು ತಿಳಿಸಿದರು.
ಭಯೋತ್ಪಾದಕರ ವಿರುದ್ಧ ಪ್ರಧಾನಿ ನರೇಂದ್ರ ಮೋದಿ ಅವರು ಸೂಕ್ತ ಉತ್ತರ ನೀಡಿದ್ದಾರೆ. ಆಪರೇಷನ್ ಸಿಂಧೂರ ಮೂಲಕ ಪಾಕಿಸ್ತಾನದ ಉಗ್ರರ ನೆಲೆಗಳನ್ನು ಧ್ವಂಸಗೊಳಿಸಲಾಗಿದೆ. ದೇಶದ ಜನರ ಭದ್ರತೆಗೆ ಕೇಂದ್ರ ಸರ್ಕಾರ ಬದ್ಧವಾಗಿದೆ ಎಂದು ಹೇಳಿದರು. ಪ್ರಧಾನಿಯವರ ನಿರ್ಧಾರವನ್ನು ಇಡೀ ದೇಶ ಬೆಂಬಲಿಸಿದೆ ಎಂದು ತಿಳಿಸಿದರು.
ಸರ್ಕಾರದಿಂದಲೇ 108 ನಿರ್ವಹಣೆ
ಪುಟ 0 ರಾಜ್ಯದ 108 ಆರೋಗ್ಯ ಕವಚ ಆಂಬುಲೆನ್ಸ್ ಸೇವೆಯನ್ನು ಇನ್ನು ಮುಂದೆ ಸರ್ಕಾರವೇ ನಿರ್ವಹಿಸಲಿದೆ ಎಂದು ಆರೋಗ್ಯ ಸಚಿವರು ತಿಳಿಸಿದ್ದಾರೆ. ಖಾಸಗಿ ಸಂಸ್ಥೆಗಳಿಂದ ನಿರ್ವಹಣೆಯಲ್ಲಿ ಆಗುತ್ತಿದ್ದ ಲೋಪಗಳನ್ನು ತಪ್ಪಿಸಲು ಈ ನಿರ್ಧಾರ ಕೈಗೊಳ್ಳಲಾಗಿದೆ. 108 ಆಂಬುಲೆನ್ಸ್‌ಗಳ ಸೇವೆ ಸಮರ್ಪಕವಾಗಿ ನಡೆಯುತ್ತಿಲ್ಲ ಎಂಬ ದೂರುಗಳು ಕೇಳಿಬಂದಿದ್ದವು. ಸಿಬ್ಬಂದಿಗೆ ವೇತನ ಸರಿಯಾಗಿ ಪಾವತಿಯಾಗುತ್ತಿರಲಿಲ್ಲ. ಇನ್ನು ಮುಂದೆ ಸರ್ಕಾರವೇ ನೇರವಾಗಿ ಸೇವೆಯ ಜವಾಬ್ದಾರಿ ವಹಿಸಿಕೊಳ್ಳಲಿದೆ.
ಚಾಮರಾಜನಗರ ಜಿಲ್ಲೆಯಲ್ಲಿ ಯಶಸ್ವಿ ಕಾರ್ಯಾಚರಣೆ
ಈಗಾಗಲೇ ಚಾಮರಾಜನಗರ ಜಿಲ್ಲೆಯಲ್ಲಿ ಪ್ರಾಯೋಗಿಕವಾಗಿ 108 ಆಂಬುಲೆನ್ಸ್ ನಿರ್ವಹಣೆಯನ್ನು ಸರ್ಕಾರವೇ ಯಶಸ್ವಿಯಾಗಿ ನಡೆಸುತ್ತಿದೆ. ಮುಂದಿನ ತಿಂಗಳಲ್ಲಿ ರಾಜ್ಯದ ಎಲ್ಲ ಜಿಲ್ಲೆಗಳಲ್ಲೂ ಇದನ್ನು ವಿಸ್ತರಿಸಲಾಗುವುದು. ಕಮಾಂಡ್ ಕಂಟ್ರೋಲ್ ಸೆಂಟರ್ ಸ್ಥಾಪನೆ ಮಾಡಲಾಗಿದೆ.
ಮೂಕ ಬಾಲಕಿಯ ಮೇಲೆ ಅತ್ಯಾಚಾರ?
ಪುಟ 0 ಮಾತು ಬಾರದ ಮೂಕ ಬಾಲಕಿಯ ಮೇಲೆ ಅತ್ಯಾಚಾರ ನಡೆದಿರುವ ಶಂಕೆ ವ್ಯಕ್ತವಾಗಿದ್ದು, ಪ್ರಕರಣ ದಾಖಲಾಗಿದೆ. ಬಾಲಕಿಯನ್ನು ಆಸ್ಪತ್ರೆಗೆ ದಾಖಲಿಸಿ ಚಿಕಿತ್ಸೆ ನೀಡಲಾಗುತ್ತಿದೆ. ಪೊಲೀಸರು ಆರೋಪಿಯ ಪತ್ತೆಗೆ ಬಲೆ ಬೀಸಿದ್ದಾರೆ. ಘಟನೆ ಬೆಳಕಿಗೆ ಬರುತ್ತಿದ್ದಂತೆ ಸ್ಥಳೀಯರು ಆಕ್ರೋಶ ವ್ಯಕ್ತಪಡಿಸಿದ್ದಾರೆ. ಪೊಲೀಸರು ತನಿಖೆ ಮುಂದುವರಿಸಿದ್ದಾರೆ. ಸಿಸಿ ಕ್ಯಾಮೆರಾ ದೃಶ್ಯಾವಳಿಗಳನ್ನು ಪರಿಶೀಲಿಸಲಾಗುತ್ತಿದೆ. ಆರೋಪಿಯನ್ನು ಶೀಘ್ರವೇ ಬಂಧಿಸುವುದಾಗಿ ಪೊಲೀಸರು ಭರವಸೆ ನೀಡಿದ್ದಾರೆ.
ಬಾಲಕಿ ಕುಟುಂಬಕ್ಕೆ ಡಿಕೆಶಿ ಸಾಂತ್ವನ
ಘಟನೆ ಬಗ್ಗೆ ಮಾಹಿತಿ ಪಡೆದ ಉಪಮುಖ್ಯಮಂತ್ರಿ ಡಿ.ಕೆ.ಶಿವಕುಮಾರ್ ಬಾಲಕಿಯ ಕುಟುಂಬಸ್ಥರನ್ನು ಭೇಟಿ ಮಾಡಿ ಸಾಂತ್ವನ ಹೇಳಿದರು. ಆರೋಪಿಯ ವಿರುದ್ಧ ಕಠಿಣ ಕ್ರಮ ಕೈಗೊಳ್ಳುವಂತೆ ಸೂಚಿಸಿದರು.
ಆಘಾತವೆಂದರು ಬಿಂದಿನಲು ಯತ್ನ: ಬಾಲಕಿಯನ್ನು ಹುಡುಕಾಡಿದ ಕುಟುಂಬಸ್ಥರಿಗೆ ಆಘಾತ ಕಾದಿತ್ತು. ಈ ಪ್ರಕರಣ ಸಂಬಂಧ ಪೊಲೀಸರು ತೀವ್ರ ತನಿಖೆ ನಡೆಸುತ್ತಿದ್ದಾರೆ.
